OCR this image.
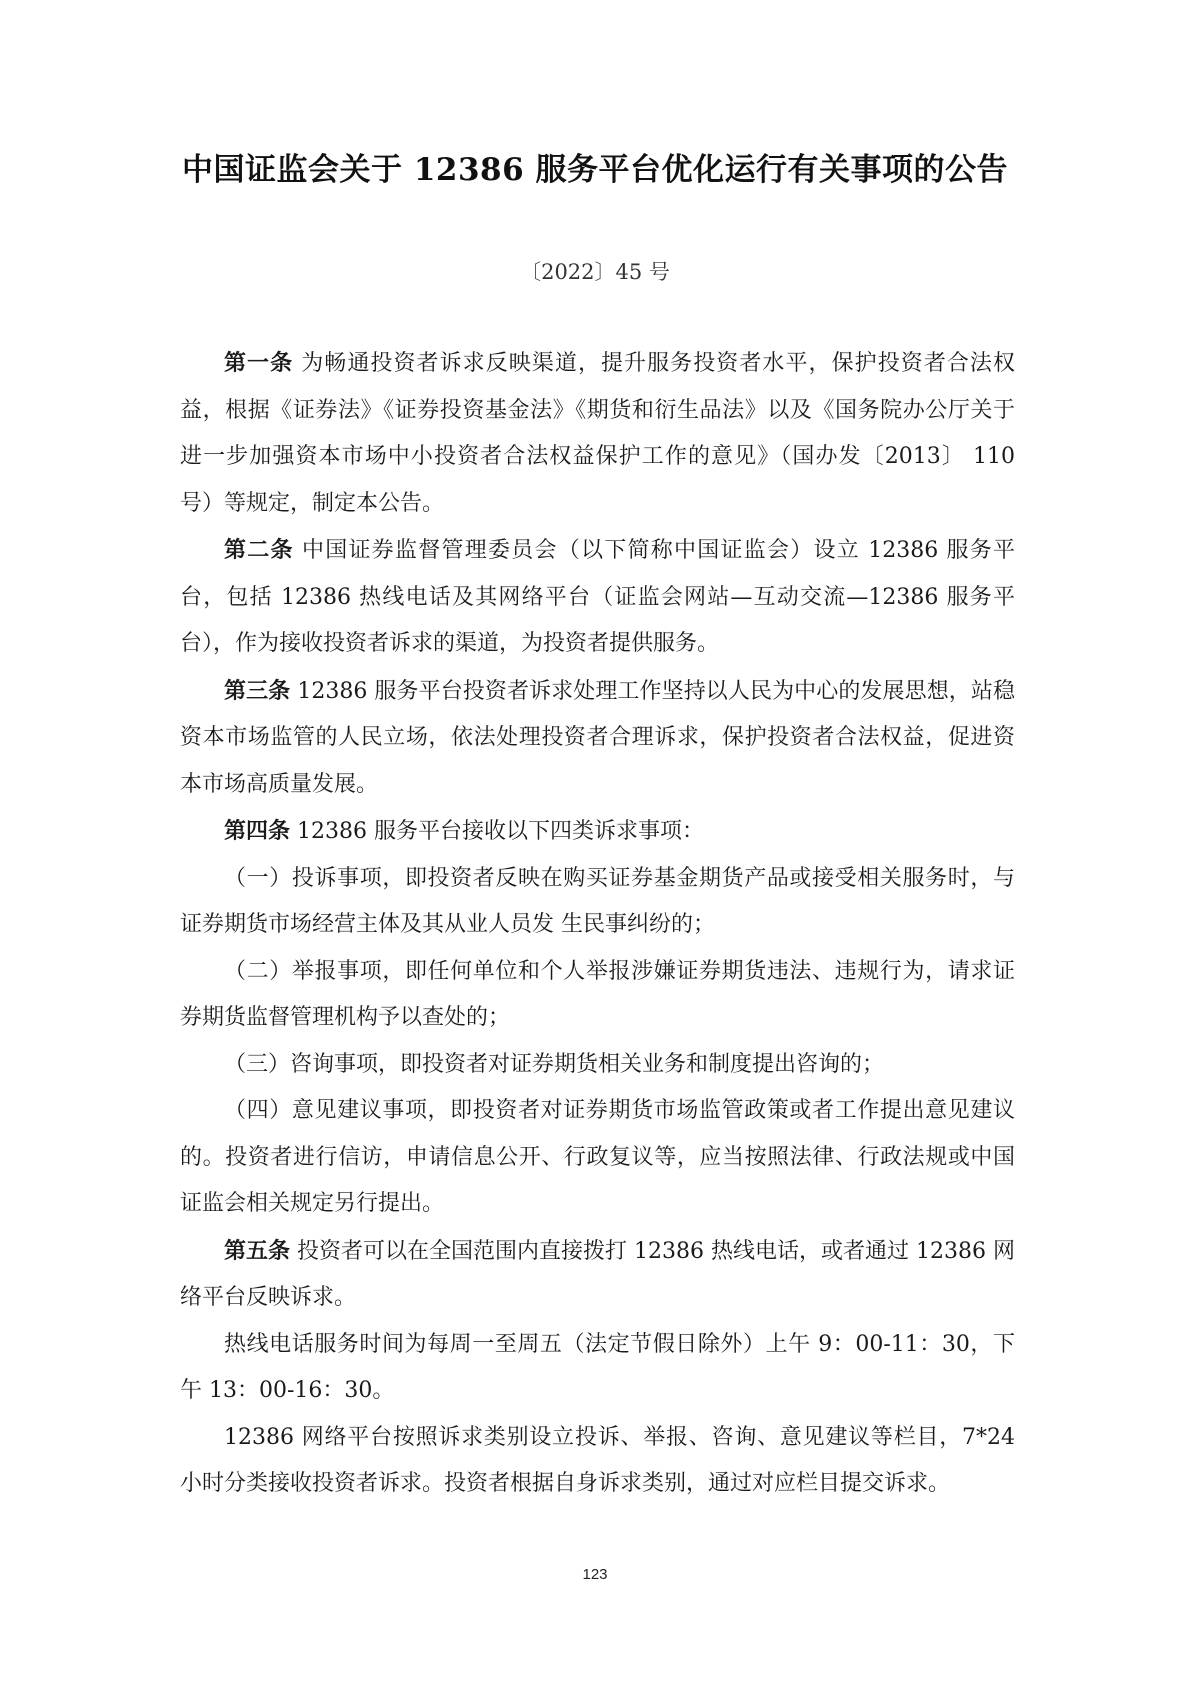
中国证监会关于 12386 服务平台优化运行有关事项的公告
〔2022〕45 号

第一条 为畅通投资者诉求反映渠道，提升服务投资者水平，保护投资者合法权益，根据《证券法》《证券投资基金法》《期货和衍生品法》以及《国务院办公厅关于进一步加强资本市场中小投资者合法权益保护工作的意见》（国办发〔2013〕 110 号）等规定，制定本公告。

第二条 中国证券监督管理委员会（以下简称中国证监会）设立 12386 服务平台，包括 12386 热线电话及其网络平台（证监会网站—互动交流—12386 服务平台），作为接收投资者诉求的渠道，为投资者提供服务。

第三条 12386 服务平台投资者诉求处理工作坚持以人民为中心的发展思想，站稳资本市场监管的人民立场，依法处理投资者合理诉求，保护投资者合法权益，促进资本市场高质量发展。

第四条 12386 服务平台接收以下四类诉求事项：

（一）投诉事项，即投资者反映在购买证券基金期货产品或接受相关服务时，与证券期货市场经营主体及其从业人员发 生民事纠纷的；

（二）举报事项，即任何单位和个人举报涉嫌证券期货违法、违规行为，请求证券期货监督管理机构予以查处的；

（三）咨询事项，即投资者对证券期货相关业务和制度提出咨询的；

（四）意见建议事项，即投资者对证券期货市场监管政策或者工作提出意见建议的。投资者进行信访，申请信息公开、行政复议等，应当按照法律、行政法规或中国证监会相关规定另行提出。

第五条 投资者可以在全国范围内直接拨打 12386 热线电话，或者通过 12386 网络平台反映诉求。

热线电话服务时间为每周一至周五（法定节假日除外）上午 9：00-11：30，下午 13：00-16：30。

12386 网络平台按照诉求类别设立投诉、举报、咨询、意见建议等栏目，7*24 小时分类接收投资者诉求。投资者根据自身诉求类别，通过对应栏目提交诉求。

123
